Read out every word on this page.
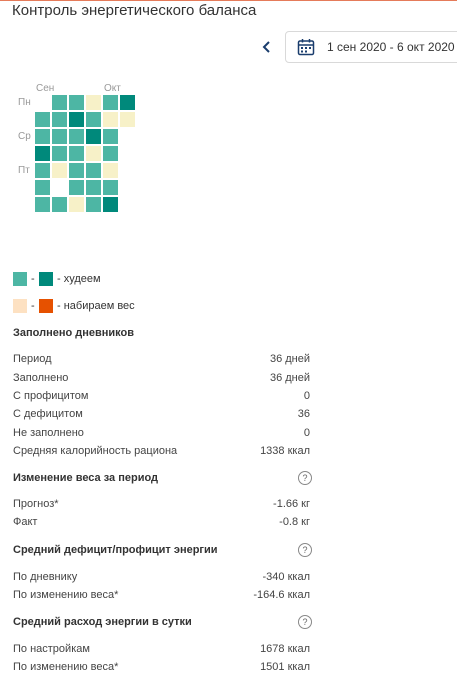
Контроль энергетического баланса
1 сен 2020 - 6 окт 2020
Сен	Окт
Пн
Ср
Пт
- - худеем
- - набираем вес
Заполнено дневников
Период	36 дней
Заполнено	36 дней
С профицитом	0
С дефицитом	36
Не заполнено	0
Средняя калорийность рациона	1338 ккал
Изменение веса за период	?
Прогноз*	-1.66 кг
Факт	-0.8 кг
Средний дефицит/профицит энергии	?
По дневнику	-340 ккал
По изменению веса*	-164.6 ккал
Средний расход энергии в сутки	?
По настройкам	1678 ккал
По изменению веса*	1501 ккал
